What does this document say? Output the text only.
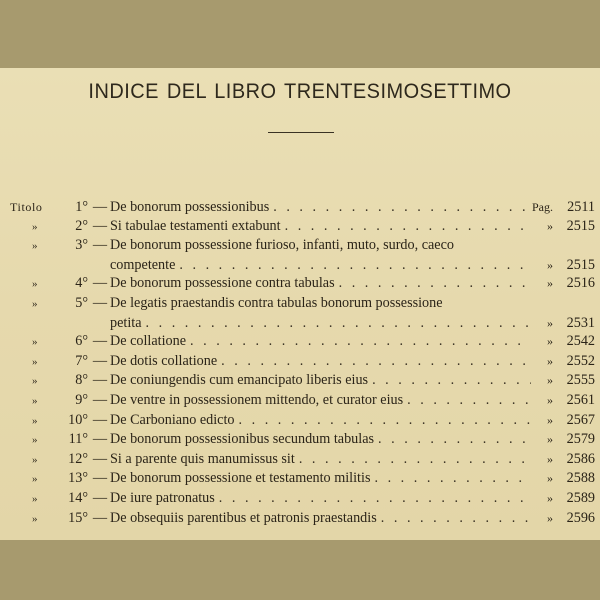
INDICE DEL LIBRO TRENTESIMOSETTIMO
Titolo	1° — De bonorum possessionibus . . .	Pag. 2511
»	2° — Si tabulae testamenti extabunt . . .	» 2515
»	3° — De bonorum possessione furioso, infanti, muto, surdo, caeco
competente . . .	» 2515
»	4° — De bonorum possessione contra tabulas . . .	» 2516
»	5° — De legatis praestandis contra tabulas bonorum possessione
petita . . .	» 2531
»	6° — De collatione . . .	» 2542
»	7° — De dotis collatione . . .	» 2552
»	8° — De coniungendis cum emancipato liberis eius . . .	» 2555
»	9° — De ventre in possessionem mittendo, et curator eius . . .	» 2561
»	10° — De Carboniano edicto . . .	» 2567
»	11° — De bonorum possessionibus secundum tabulas . . .	» 2579
»	12° — Si a parente quis manumissus sit . . .	» 2586
»	13° — De bonorum possessione et testamento militis . . .	» 2588
»	14° — De iure patronatus . . .	» 2589
»	15° — De obsequiis parentibus et patronis praestandis . . .	» 2596
